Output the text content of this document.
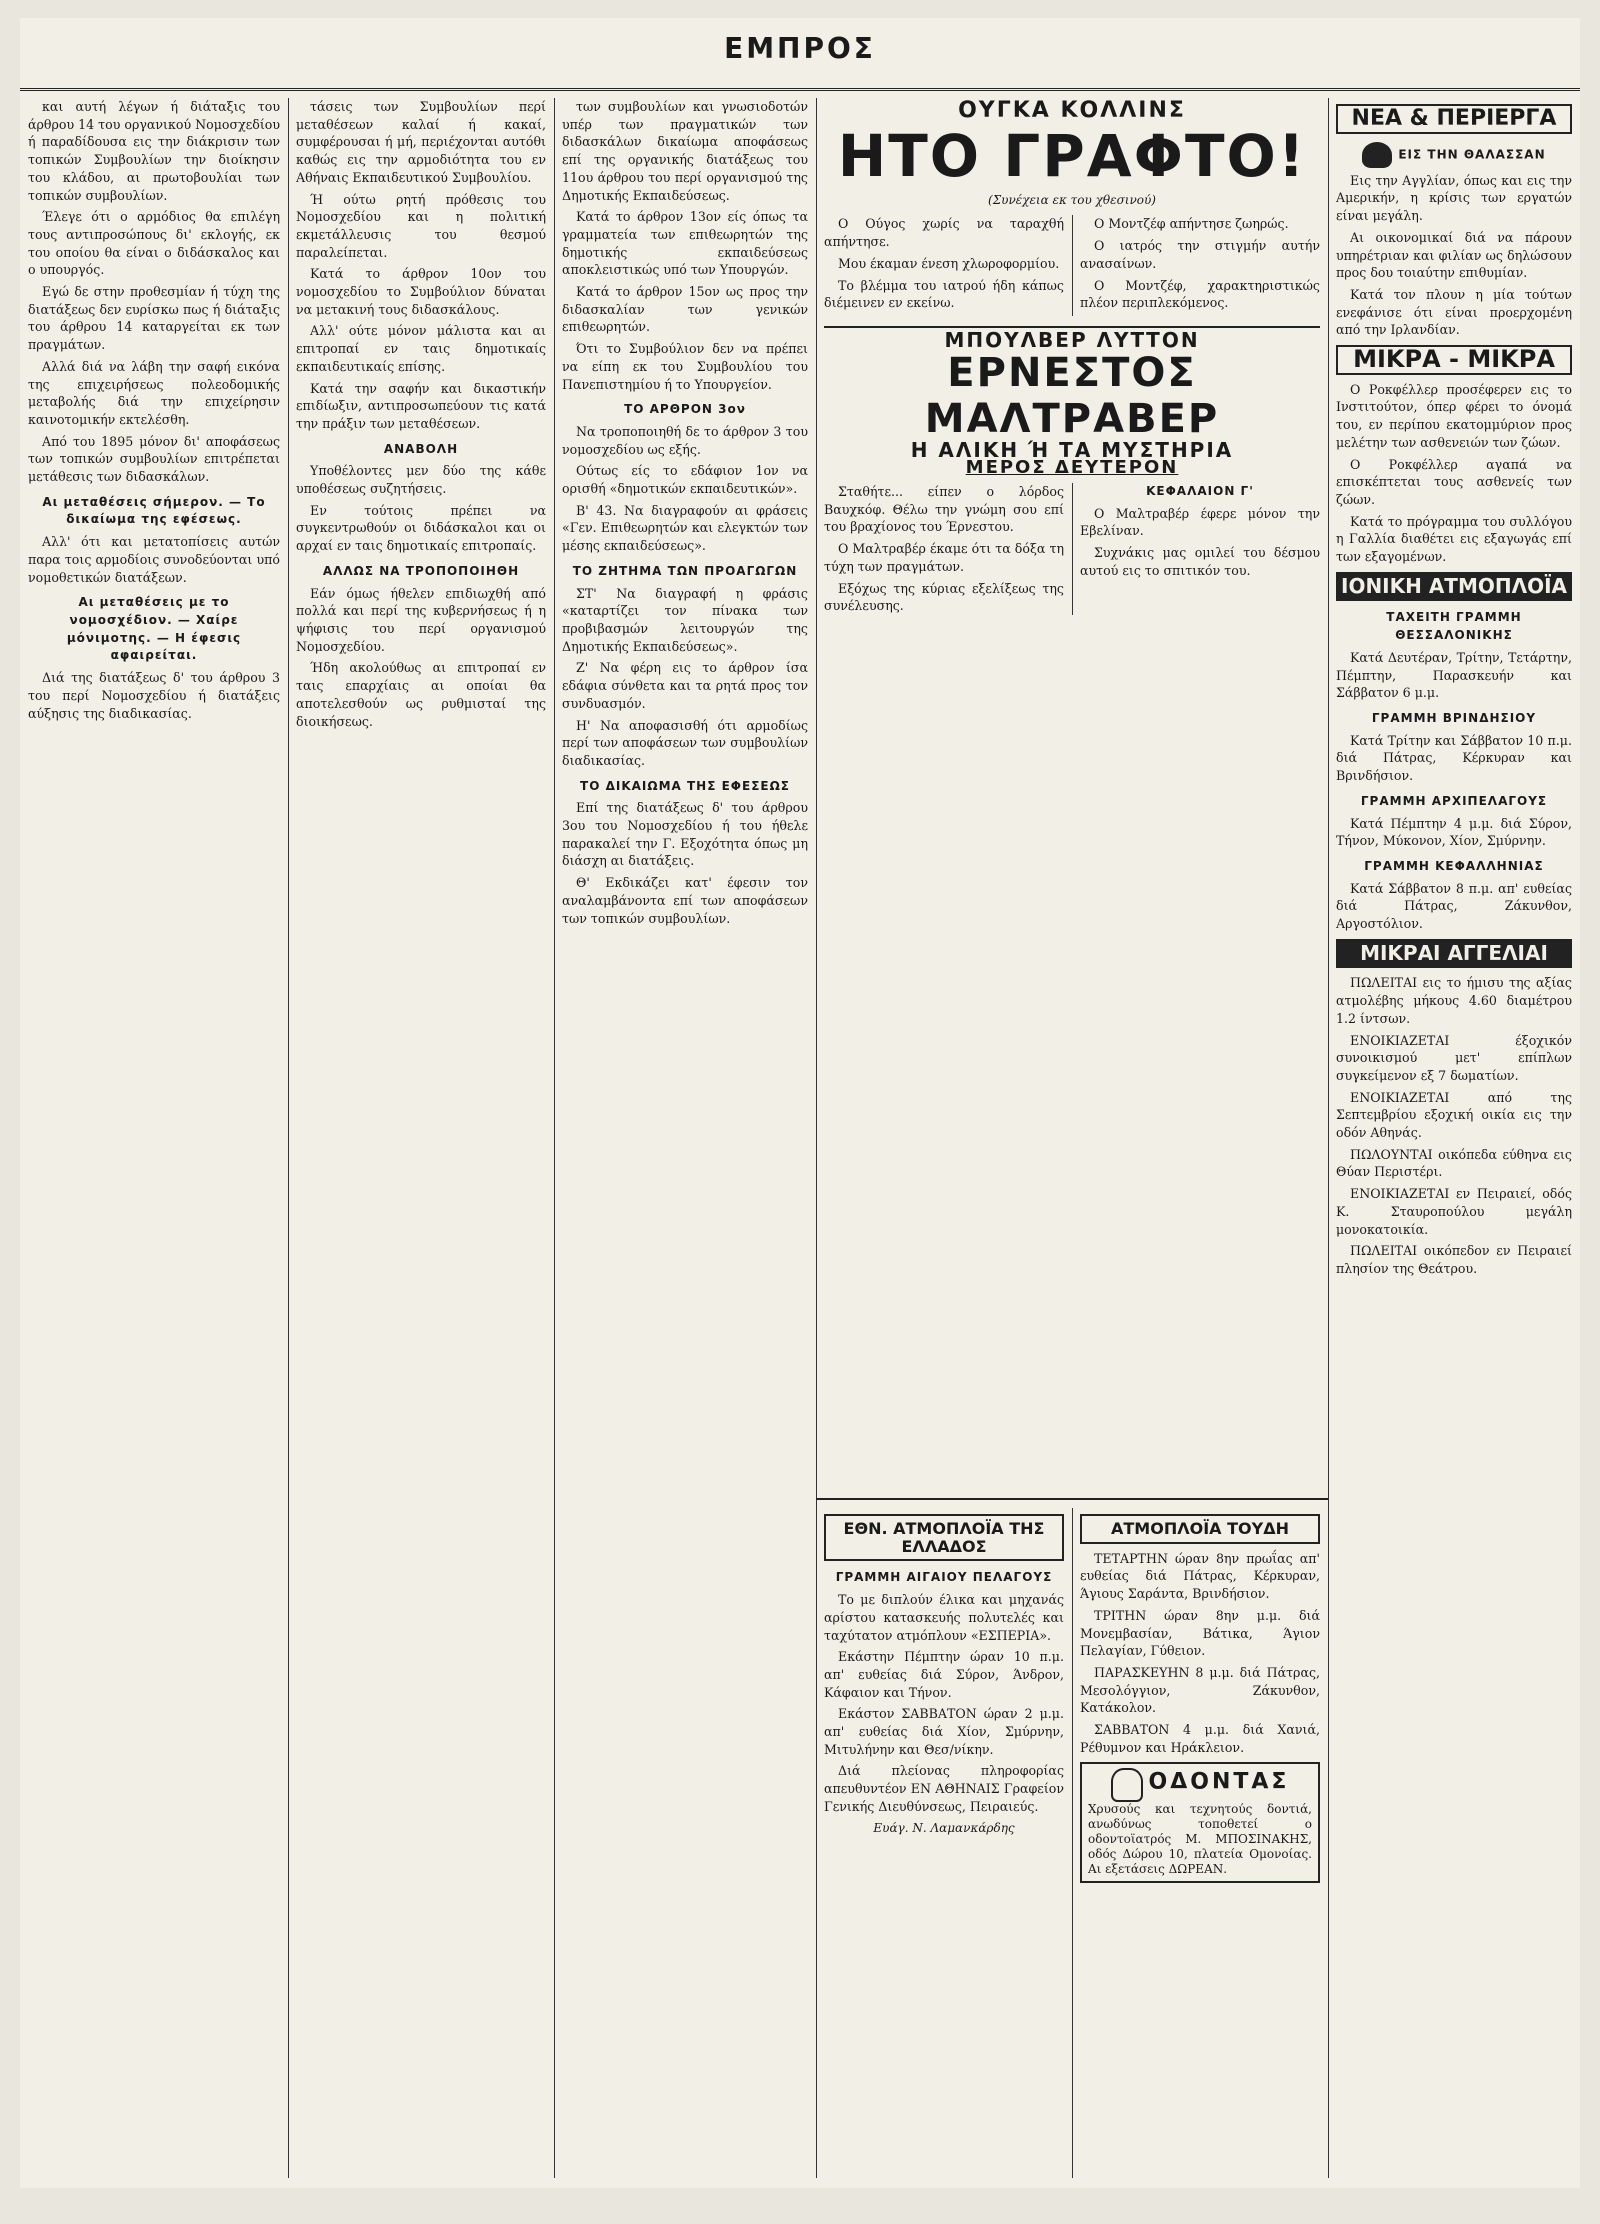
ΕΜΠΡΟΣ

και αυτή λέγων ή διάταξις του άρθρου 14 του οργανικού Νομοσχεδίου ή παραδίδουσα εις την διάκρισιν των τοπικών Συμβουλίων την διοίκησιν του κλάδου, αι πρωτοβουλίαι των τοπικών συμβουλίων.

Έλεγε ότι ο αρμόδιος θα επιλέγη τους αντιπροσώπους δι' εκλογής, εκ του οποίου θα είναι ο διδάσκαλος και ο υπουργός.

Εγώ δε στην προθεσμίαν ή τύχη της διατάξεως δεν ευρίσκω πως ή διάταξις του άρθρου 14 καταργείται εκ των πραγμάτων.

Αλλά διά να λάβη την σαφή εικόνα της επιχειρήσεως πολεοδομικής μεταβολής διά την επιχείρησιν καινοτομικήν εκτελέσθη.

Από του 1895 μόνον δι' αποφάσεως των τοπικών συμβουλίων επιτρέπεται μετάθεσις των διδασκάλων.

Αι μεταθέσεις σήμερον. — Το δικαίωμα της εφέσεως.

Αλλ' ότι και μετατοπίσεις αυτών παρα τοις αρμοδίοις συνοδεύονται υπό νομοθετικών διατάξεων.

Αι μεταθέσεις με το νομοσχέδιον. — Χαίρε μόνιμοτης. — Η έφεσις αφαιρείται.

Διά της διατάξεως δ' του άρθρου 3 του περί Νομοσχεδίου ή διατάξεις αύξησις της διαδικασίας.

τάσεις των Συμβουλίων περί μεταθέσεων καλαί ή κακαί, συμφέρουσαι ή μή, περιέχονται αυτόθι καθώς εις την αρμοδιότητα του εν Αθήναις Εκπαιδευτικού Συμβουλίου.

Ή ούτω ρητή πρόθεσις του Νομοσχεδίου και η πολιτική εκμετάλλευσις του θεσμού παραλείπεται.

Κατά το άρθρον 10ον του νομοσχεδίου το Συμβούλιον δύναται να μετακινή τους διδασκάλους.

Αλλ' ούτε μόνον μάλιστα και αι επιτροπαί εν ταις δημοτικαίς εκπαιδευτικαίς επίσης.

Κατά την σαφήν και δικαστικήν επιδίωξιν, αντιπροσωπεύουν τις κατά την πράξιν των μεταθέσεων.

ΑΝΑΒΟΛΗ

Υποθέλοντες μεν δύο της κάθε υποθέσεως συζητήσεις.

Εν τούτοις πρέπει να συγκεντρωθούν οι διδάσκαλοι και οι αρχαί εν ταις δημοτικαίς επιτροπαίς.

ΑΛΛΩΣ ΝΑ ΤΡΟΠΟΠΟΙΗΘΗ

Εάν όμως ήθελεν επιδιωχθή από πολλά και περί της κυβερνήσεως ή η ψήφισις του περί οργανισμού Νομοσχεδίου.

Ήδη ακολούθως αι επιτροπαί εν ταις επαρχίαις αι οποίαι θα αποτελεσθούν ως ρυθμισταί της διοικήσεως.

των συμβουλίων και γνωσιοδοτών υπέρ των πραγματικών των διδασκάλων δικαίωμα αποφάσεως επί της οργανικής διατάξεως του 11ου άρθρου του περί οργανισμού της Δημοτικής Εκπαιδεύσεως.

Κατά το άρθρον 13ον είς όπως τα γραμματεία των επιθεωρητών της δημοτικής εκπαιδεύσεως αποκλειστικώς υπό των Υπουργών.

Κατά το άρθρον 15ον ως προς την διδασκαλίαν των γενικών επιθεωρητών.

Ότι το Συμβούλιον δεν να πρέπει να είπη εκ του Συμβουλίου του Πανεπιστημίου ή το Υπουργείον.

ΤΟ ΑΡΘΡΟΝ 3ον

Να τροποποιηθή δε το άρθρον 3 του νομοσχεδίου ως εξής.

Ούτως είς το εδάφιον 1ον να ορισθή «δημοτικών εκπαιδευτικών».

Β' 43. Να διαγραφούν αι φράσεις «Γεν. Επιθεωρητών και ελεγκτών των μέσης εκπαιδεύσεως».

ΤΟ ΖΗΤΗΜΑ ΤΩΝ ΠΡΟΑΓΩΓΩΝ

ΣΤ' Να διαγραφή η φράσις «καταρτίζει τον πίνακα των προβιβασμών λειτουργών της Δημοτικής Εκπαιδεύσεως».

Ζ' Να φέρη εις το άρθρον ίσα εδάφια σύνθετα και τα ρητά προς τον συνδυασμόν.

Η' Να αποφασισθή ότι αρμοδίως περί των αποφάσεων των συμβουλίων διαδικασίας.

ΤΟ ΔΙΚΑΙΩΜΑ ΤΗΣ ΕΦΕΣΕΩΣ

Επί της διατάξεως δ' του άρθρου 3ου του Νομοσχεδίου ή του ήθελε παρακαλεί την Γ. Εξοχότητα όπως μη διάσχη αι διατάξεις.

Θ' Εκδικάζει κατ' έφεσιν τον αναλαμβάνοντα επί των αποφάσεων των τοπικών συμβουλίων.

ΟΥΓΚΑ ΚΟΛΛΙΝΣ
ΗΤΟ ΓΡΑΦΤΟ!
(Συνέχεια εκ του χθεσινού)

Ο Ούγος χωρίς να ταραχθή απήντησε.

Μου έκαμαν ένεση χλωροφορμίου.

Το βλέμμα του ιατρού ήδη κάπως διέμεινεν εν εκείνω.

Ο Μοντζέφ απήντησε ζωηρώς.

Ο ιατρός την στιγμήν αυτήν ανασαίνων.

Ο Μοντζέφ, χαρακτηριστικώς πλέον περιπλεκόμενος.

ΜΠΟΥΛΒΕΡ ΛΥΤΤΟΝ
ΕΡΝΕΣΤΟΣ ΜΑΛΤΡΑΒΕΡ
Η ΑΛΙΚΗ Ή ΤΑ ΜΥΣΤΗΡΙΑ
ΜΕΡΟΣ ΔΕΥΤΕΡΟΝ

Σταθήτε... είπεν ο λόρδος Βαυχκόφ. Θέλω την γνώμη σου επί του βραχίονος του Έρνεστου.

Ο Μαλτραβέρ έκαμε ότι τα δόξα τη τύχη των πραγμάτων.

Εξόχως της κύριας εξελίξεως της συνέλευσης.

ΚΕΦΑΛΑΙΟΝ Γ'

Ο Μαλτραβέρ έφερε μόνον την Εβελίναν.

Συχνάκις μας ομιλεί του δέσμου αυτού εις το σπιτικόν του.

ΕΘΝ. ΑΤΜΟΠΛΟΪΑ ΤΗΣ ΕΛΛΑΔΟΣ
ΓΡΑΜΜΗ ΑΙΓΑΙΟΥ ΠΕΛΑΓΟΥΣ

Το με διπλούν έλικα και μηχανάς αρίστου κατασκευής πολυτελές και ταχύτατον ατμόπλουν «ΕΣΠΕΡΙΑ».

Εκάστην Πέμπτην ώραν 10 π.μ. απ' ευθείας διά Σύρον, Άνδρον, Κάφαιον και Τήνον.

Εκάστον ΣΑΒΒΑΤΟΝ ώραν 2 μ.μ. απ' ευθείας διά Χίον, Σμύρνην, Μιτυλήνην και Θεσ/νίκην.

Διά πλείονας πληροφορίας απευθυντέον ΕΝ ΑΘΗΝΑΙΣ Γραφείον Γενικής Διευθύνσεως, Πειραιεύς.

Ευάγ. Ν. Λαμανκάρδης
ΑΤΜΟΠΛΟΪΑ ΤΟΥΔΗ

ΤΕΤΑΡΤΗΝ ώραν 8ην πρωΐας απ' ευθείας διά Πάτρας, Κέρκυραν, Άγιους Σαράντα, Βρινδήσιον.

ΤΡΙΤΗΝ ώραν 8ην μ.μ. διά Μονεμβασίαν, Βάτικα, Άγιον Πελαγίαν, Γύθειον.

ΠΑΡΑΣΚΕΥΗΝ 8 μ.μ. διά Πάτρας, Μεσολόγγιον, Ζάκυνθον, Κατάκολον.

ΣΑΒΒΑΤΟΝ 4 μ.μ. διά Χανιά, Ρέθυμνον και Ηράκλειον.

ΟΔΟΝΤΑΣ
Χρυσούς και τεχνητούς δοντιά, ανωδύνως τοποθετεί ο οδοντοϊατρός Μ. ΜΠΟΣΙΝΑΚΗΣ, οδός Δώρου 10, πλατεία Ομονοίας. Αι εξετάσεις ΔΩΡΕΑΝ.
ΝΕΑ & ΠΕΡΙΕΡΓΑ
ΕΙΣ ΤΗΝ ΘΑΛΑΣΣΑΝ

Εις την Αγγλίαν, όπως και εις την Αμερικήν, η κρίσις των εργατών είναι μεγάλη.

Αι οικονομικαί διά να πάρουν υπηρέτριαν και φιλίαν ως δηλώσουν προς δου τοιαύτην επιθυμίαν.

Κατά τον πλουν η μία τούτων ενεφάνισε ότι είναι προερχομένη από την Ιρλανδίαν.

ΜΙΚΡΑ - ΜΙΚΡΑ

Ο Ροκφέλλερ προσέφερεν εις το Ινστιτούτον, όπερ φέρει το όνομά του, εν περίπου εκατομμύριον προς μελέτην των ασθενειών των ζώων.

Ο Ροκφέλλερ αγαπά να επισκέπτεται τους ασθενείς των ζώων.

Κατά το πρόγραμμα του συλλόγου η Γαλλία διαθέτει εις εξαγωγάς επί των εξαγομένων.

ΙΟΝΙΚΗ ΑΤΜΟΠΛΟΪΑ
ΤΑΧΕΙΤΗ ΓΡΑΜΜΗ ΘΕΣΣΑΛΟΝΙΚΗΣ

Κατά Δευτέραν, Τρίτην, Τετάρτην, Πέμπτην, Παρασκευήν και Σάββατον 6 μ.μ.

ΓΡΑΜΜΗ ΒΡΙΝΔΗΣΙΟΥ

Κατά Τρίτην και Σάββατον 10 π.μ. διά Πάτρας, Κέρκυραν και Βρινδήσιον.

ΓΡΑΜΜΗ ΑΡΧΙΠΕΛΑΓΟΥΣ

Κατά Πέμπτην 4 μ.μ. διά Σύρον, Τήνον, Μύκονον, Χίον, Σμύρνην.

ΓΡΑΜΜΗ ΚΕΦΑΛΛΗΝΙΑΣ

Κατά Σάββατον 8 π.μ. απ' ευθείας διά Πάτρας, Ζάκυνθον, Αργοστόλιον.

ΜΙΚΡΑΙ ΑΓΓΕΛΙΑΙ

ΠΩΛΕΙΤΑΙ εις το ήμισυ της αξίας ατμολέβης μήκους 4.60 διαμέτρου 1.2 ίντσων.

ΕΝΟΙΚΙΑΖΕΤΑΙ έξοχικόν συνοικισμού μετ' επίπλων συγκείμενον εξ 7 δωματίων.

ΕΝΟΙΚΙΑΖΕΤΑΙ από της Σεπτεμβρίου εξοχική οικία εις την οδόν Αθηνάς.

ΠΩΛΟΥΝΤΑΙ οικόπεδα εύθηνα εις Θύαν Περιστέρι.

ΕΝΟΙΚΙΑΖΕΤΑΙ εν Πειραιεί, οδός Κ. Σταυροπούλου μεγάλη μονοκατοικία.

ΠΩΛΕΙΤΑΙ οικόπεδον εν Πειραιεί πλησίον της Θεάτρου.
